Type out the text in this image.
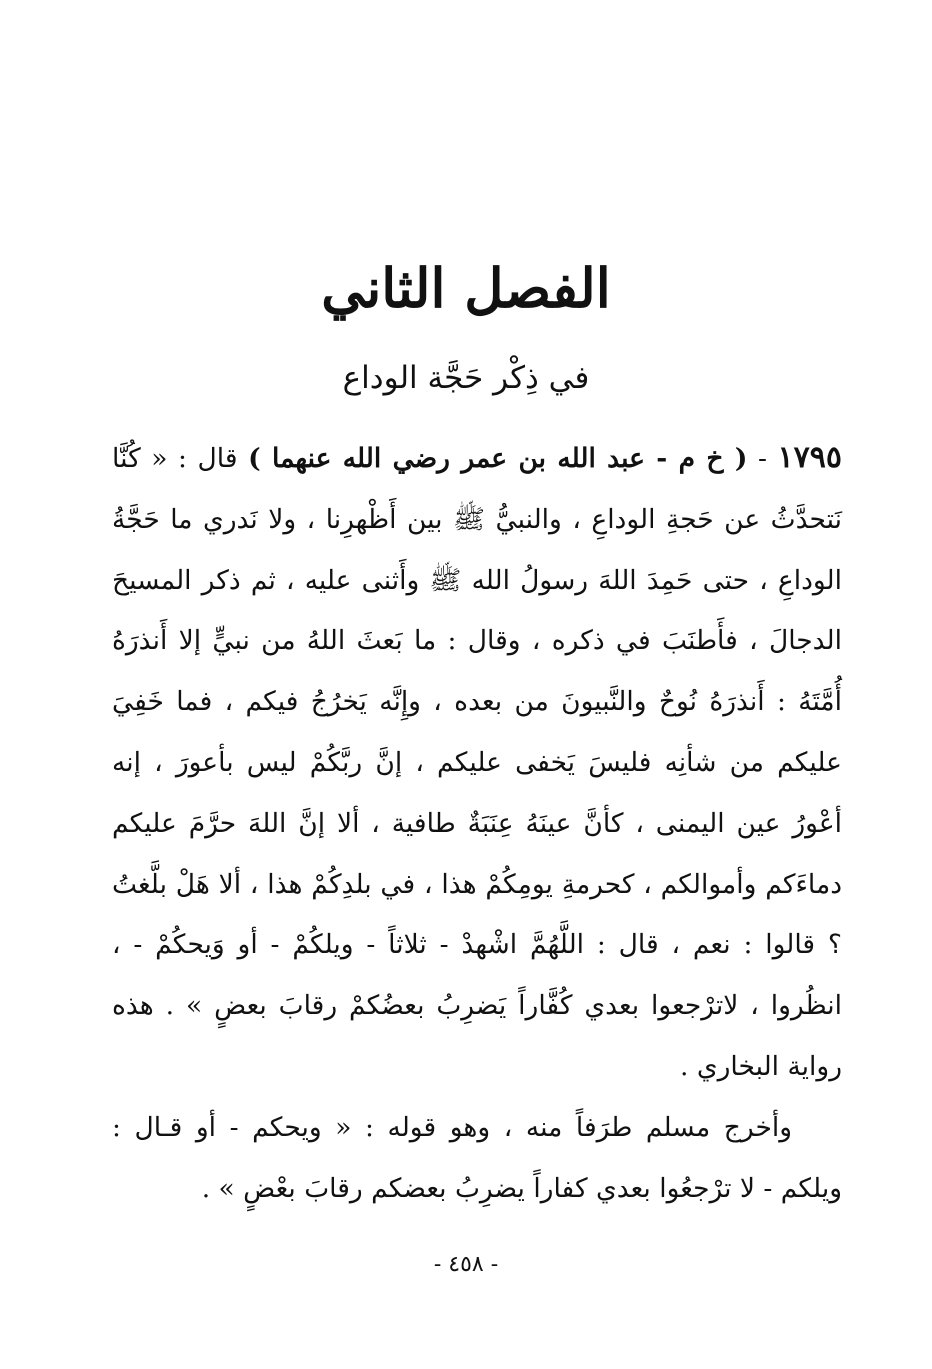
الفصل الثاني
في ذِكْر حَجَّة الوداع

١٧٩٥ - ( خ م - عبد الله بن عمر رضي الله عنهما ) قال : « كُنَّا نَتحدَّثُ عن حَجةِ الوداعِ ، والنبيُّ ﷺ بين أَظْهرِنا ، ولا نَدري ما حَجَّةُ الوداعِ ، حتى حَمِدَ اللهَ رسولُ الله ﷺ وأَثنى عليه ، ثم ذكر المسيحَ الدجالَ ، فأَطنَبَ في ذكره ، وقال : ما بَعثَ اللهُ من نبيٍّ إلا أَنذرَهُ أُمَّتَهُ : أَنذرَهُ نُوحٌ والنَّبيونَ من بعده ، وإِنَّه يَخرُجُ فيكم ، فما خَفِيَ عليكم من شأنِه فليسَ يَخفى عليكم ، إنَّ ربَّكُمْ ليس بأعورَ ، إنه أعْورُ عين اليمنى ، كأنَّ عينَهُ عِنَبَةٌ طافية ، ألا إنَّ اللهَ حرَّمَ عليكم دماءَكم وأموالكم ، كحرمةِ يومِكُمْ هذا ، في بلدِكُمْ هذا ، ألا هَلْ بلَّغتُ ؟ قالوا : نعم ، قال : اللَّهُمَّ اشْهدْ - ثلاثاً - ويلكُمْ - أو وَيحكُمْ - ، انظُروا ، لاترْجعوا بعدي كُفَّاراً يَضرِبُ بعضُكمْ رقابَ بعضٍ » . هذه رواية البخاري .

وأخرج مسلم طرَفاً منه ، وهو قوله : « ويحكم - أو قـال : ويلكم - لا ترْجعُوا بعدي كفاراً يضرِبُ بعضكم رقابَ بعْضٍ » .

- ٤٥٨ -
